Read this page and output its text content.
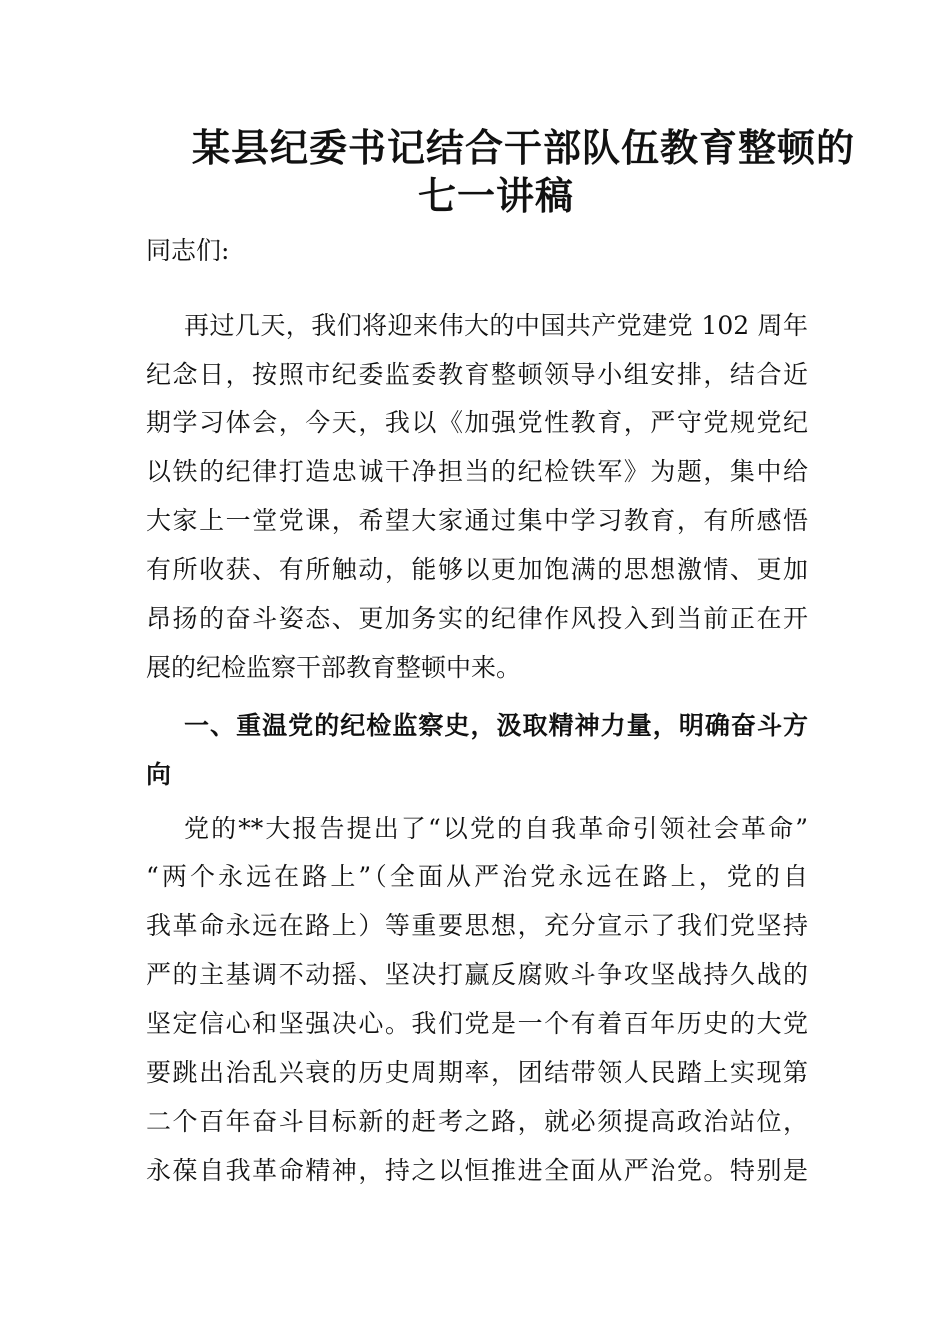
某县纪委书记结合干部队伍教育整顿的
七一讲稿
同志们:
再过几天，我们将迎来伟大的中国共产党建党 102 周年
纪念日，按照市纪委监委教育整顿领导小组安排，结合近
期学习体会，今天，我以《加强党性教育，严守党规党纪
以铁的纪律打造忠诚干净担当的纪检铁军》为题，集中给
大家上一堂党课，希望大家通过集中学习教育，有所感悟
有所收获、有所触动，能够以更加饱满的思想激情、更加
昂扬的奋斗姿态、更加务实的纪律作风投入到当前正在开
展的纪检监察干部教育整顿中来。
一、重温党的纪检监察史，汲取精神力量，明确奋斗方
向
党的**大报告提出了“以党的自我革命引领社会革命”
“两个永远在路上”（全面从严治党永远在路上，党的自
我革命永远在路上）等重要思想，充分宣示了我们党坚持
严的主基调不动摇、坚决打赢反腐败斗争攻坚战持久战的
坚定信心和坚强决心。我们党是一个有着百年历史的大党
要跳出治乱兴衰的历史周期率，团结带领人民踏上实现第
二个百年奋斗目标新的赶考之路，就必须提高政治站位，
永葆自我革命精神，持之以恒推进全面从严治党。特别是
